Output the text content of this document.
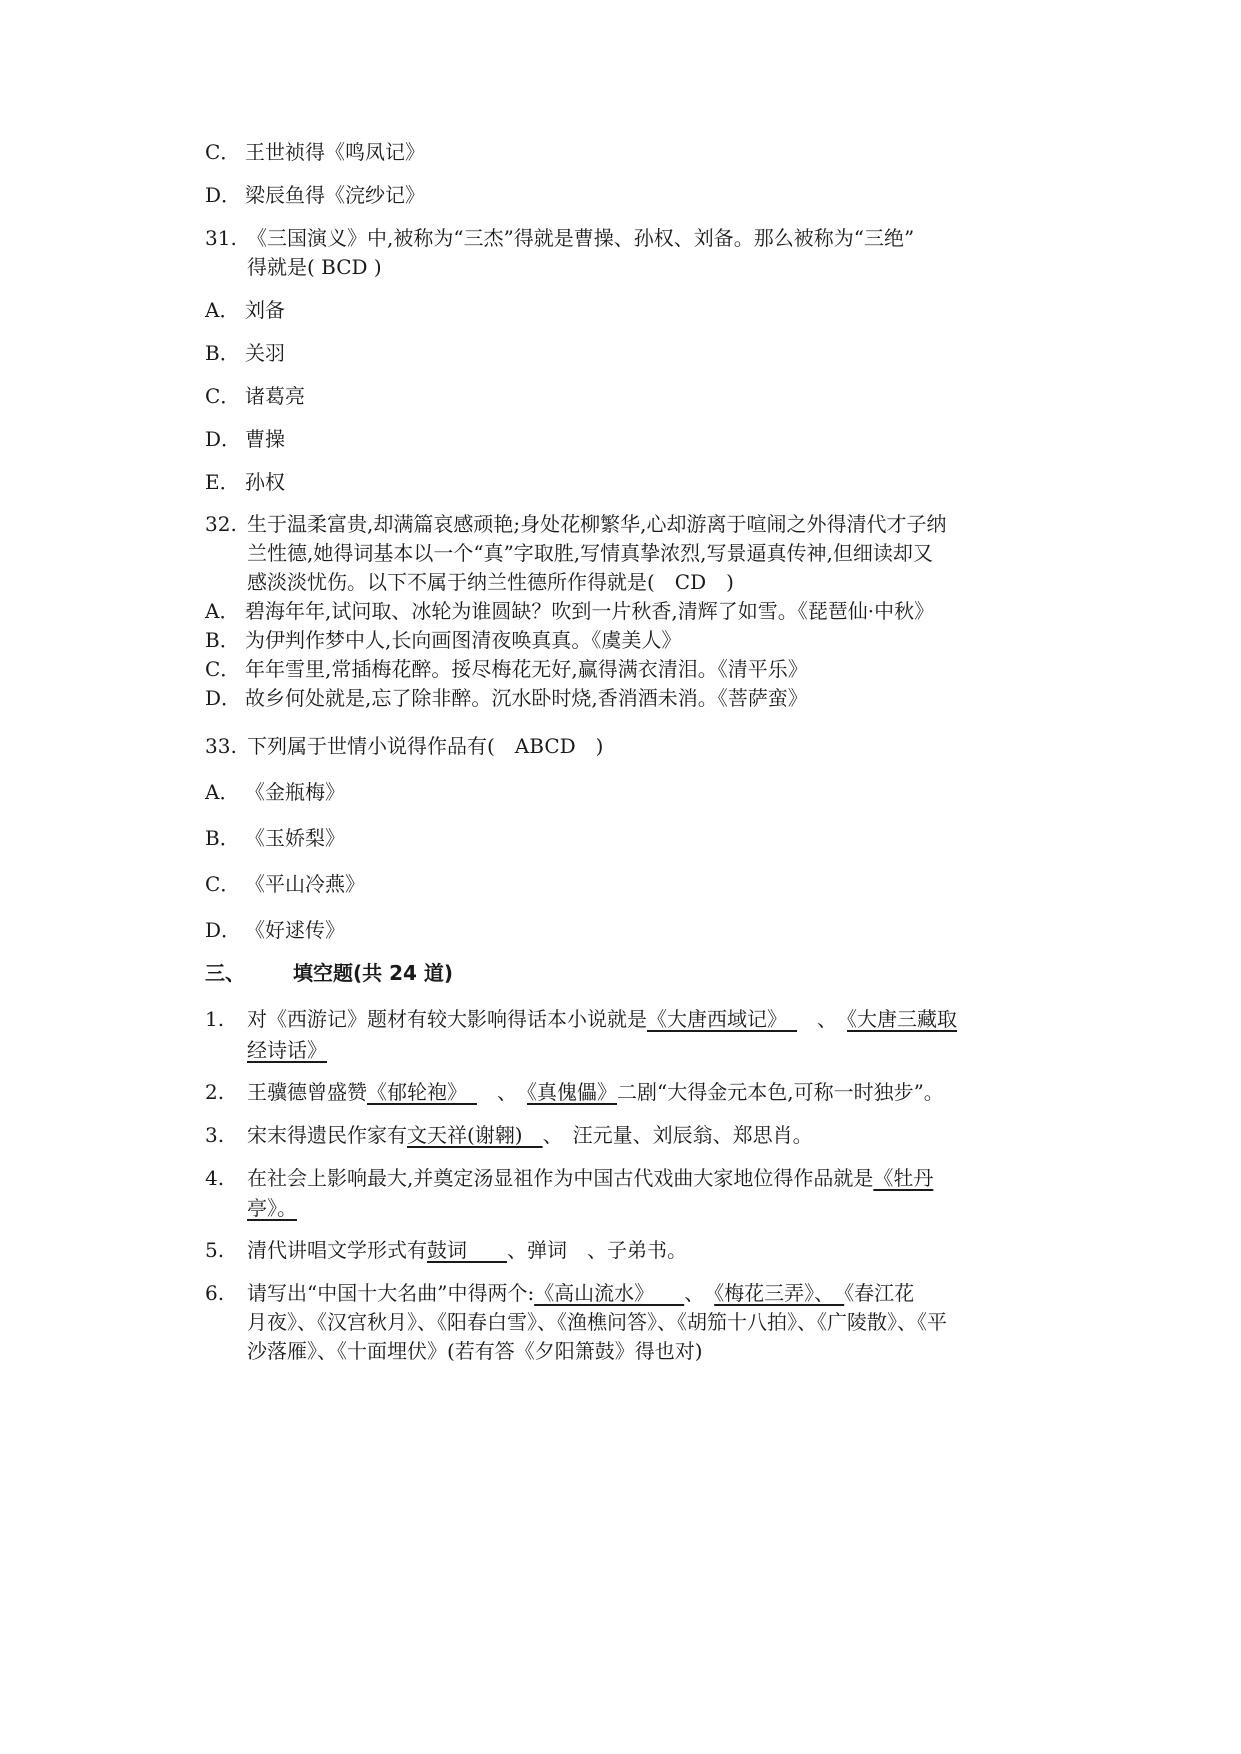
C． 王世祯得《鸣凤记》
D． 梁辰鱼得《浣纱记》
31. 《三国演义》中,被称为“三杰”得就是曹操、孙权、刘备。那么被称为“三绝”
得就是( BCD )
A． 刘备
B． 关羽
C． 诸葛亮
D． 曹操
E． 孙权
32. 生于温柔富贵,却满篇哀感顽艳;身处花柳繁华,心却游离于喧闹之外得清代才子纳
兰性德,她得词基本以一个“真”字取胜,写情真挚浓烈,写景逼真传神,但细读却又
感淡淡忧伤。以下不属于纳兰性德所作得就是(　CD　)
A． 碧海年年,试问取、冰轮为谁圆缺？吹到一片秋香,清辉了如雪。《琵琶仙·中秋》
B． 为伊判作梦中人,长向画图清夜唤真真。《虞美人》
C． 年年雪里,常插梅花醉。挼尽梅花无好,赢得满衣清泪。《清平乐》
D． 故乡何处就是,忘了除非醉。沉水卧时烧,香消酒未消。《菩萨蛮》
33. 下列属于世情小说得作品有(　ABCD　)
A． 《金瓶梅》
B． 《玉娇梨》
C． 《平山冷燕》
D． 《好逑传》
三、 填空题(共 24 道)
1. 对《西游记》题材有较大影响得话本小说就是《大唐西域记》　　、　《大唐三藏取
经诗话》
2. 王骥德曾盛赞《郁轮袍》　　、　《真傀儡》二剧“大得金元本色,可称一时独步”。
3. 宋末得遗民作家有文天祥(谢翱)　、　汪元量、刘辰翁、郑思肖。
4. 在社会上影响最大,并奠定汤显祖作为中国古代戏曲大家地位得作品就是《牡丹
亭》。
5. 清代讲唱文学形式有鼓词　　、弹词　、子弟书。
6. 请写出“中国十大名曲”中得两个:《高山流水》　　、　《梅花三弄》、　《春江花
月夜》、《汉宫秋月》、《阳春白雪》、《渔樵问答》、《胡笳十八拍》、《广陵散》、《平
沙落雁》、《十面埋伏》(若有答《夕阳箫鼓》得也对)
